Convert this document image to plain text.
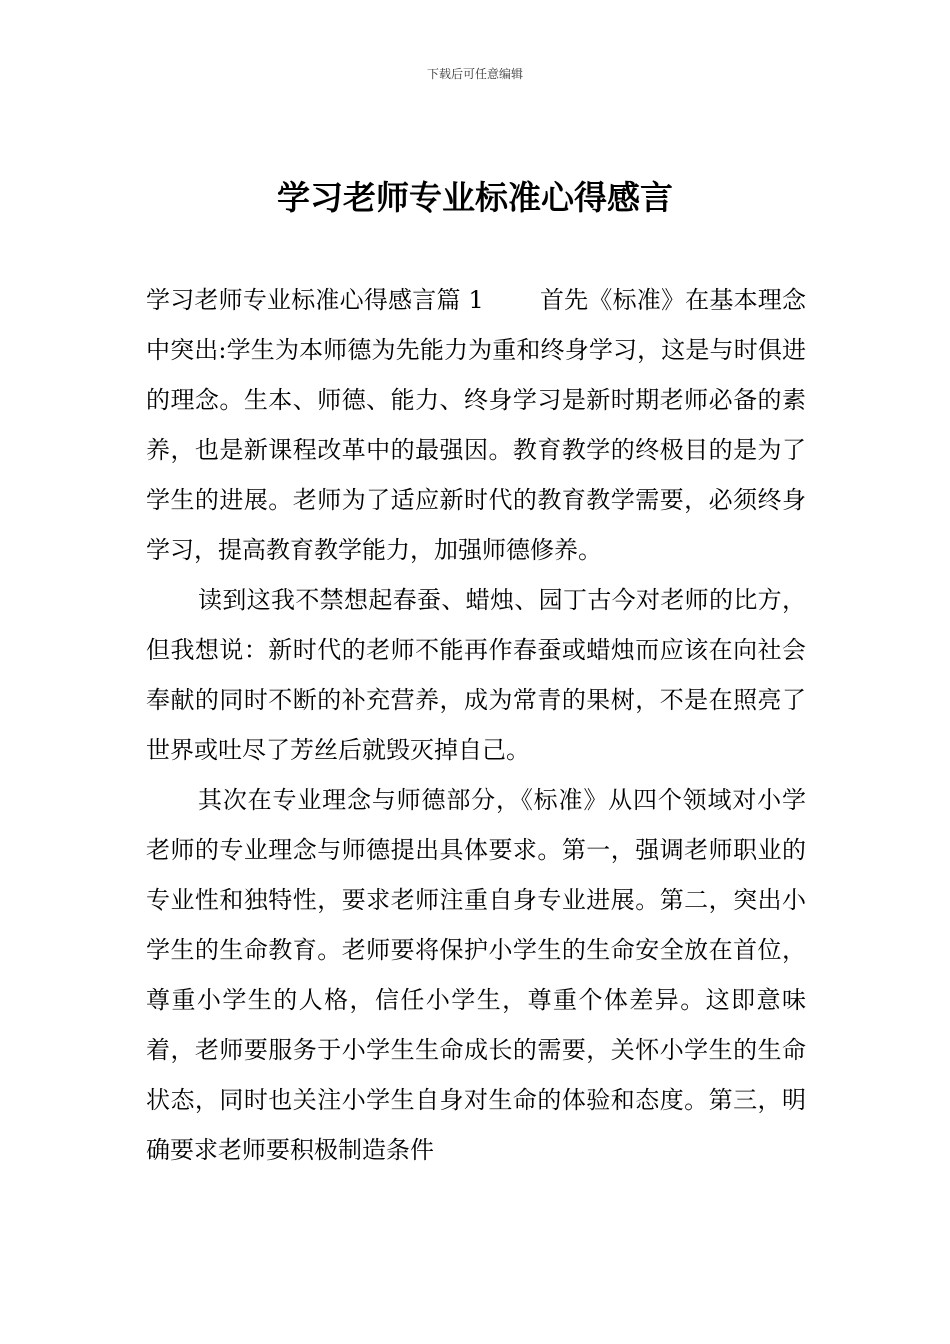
下载后可任意编辑
学习老师专业标准心得感言

学习老师专业标准心得感言篇 1 首先《标准》在基本理念中突出:学生为本师德为先能力为重和终身学习，这是与时俱进的理念。生本、师德、能力、终身学习是新时期老师必备的素养，也是新课程改革中的最强因。教育教学的终极目的是为了学生的进展。老师为了适应新时代的教育教学需要，必须终身学习，提高教育教学能力，加强师德修养。

读到这我不禁想起春蚕、蜡烛、园丁古今对老师的比方，但我想说：新时代的老师不能再作春蚕或蜡烛而应该在向社会奉献的同时不断的补充营养，成为常青的果树，不是在照亮了世界或吐尽了芳丝后就毁灭掉自己。

其次在专业理念与师德部分，《标准》从四个领域对小学老师的专业理念与师德提出具体要求。第一，强调老师职业的专业性和独特性，要求老师注重自身专业进展。第二，突出小学生的生命教育。老师要将保护小学生的生命安全放在首位，尊重小学生的人格，信任小学生，尊重个体差异。这即意味着，老师要服务于小学生生命成长的需要，关怀小学生的生命状态，同时也关注小学生自身对生命的体验和态度。第三，明确要求老师要积极制造条件
